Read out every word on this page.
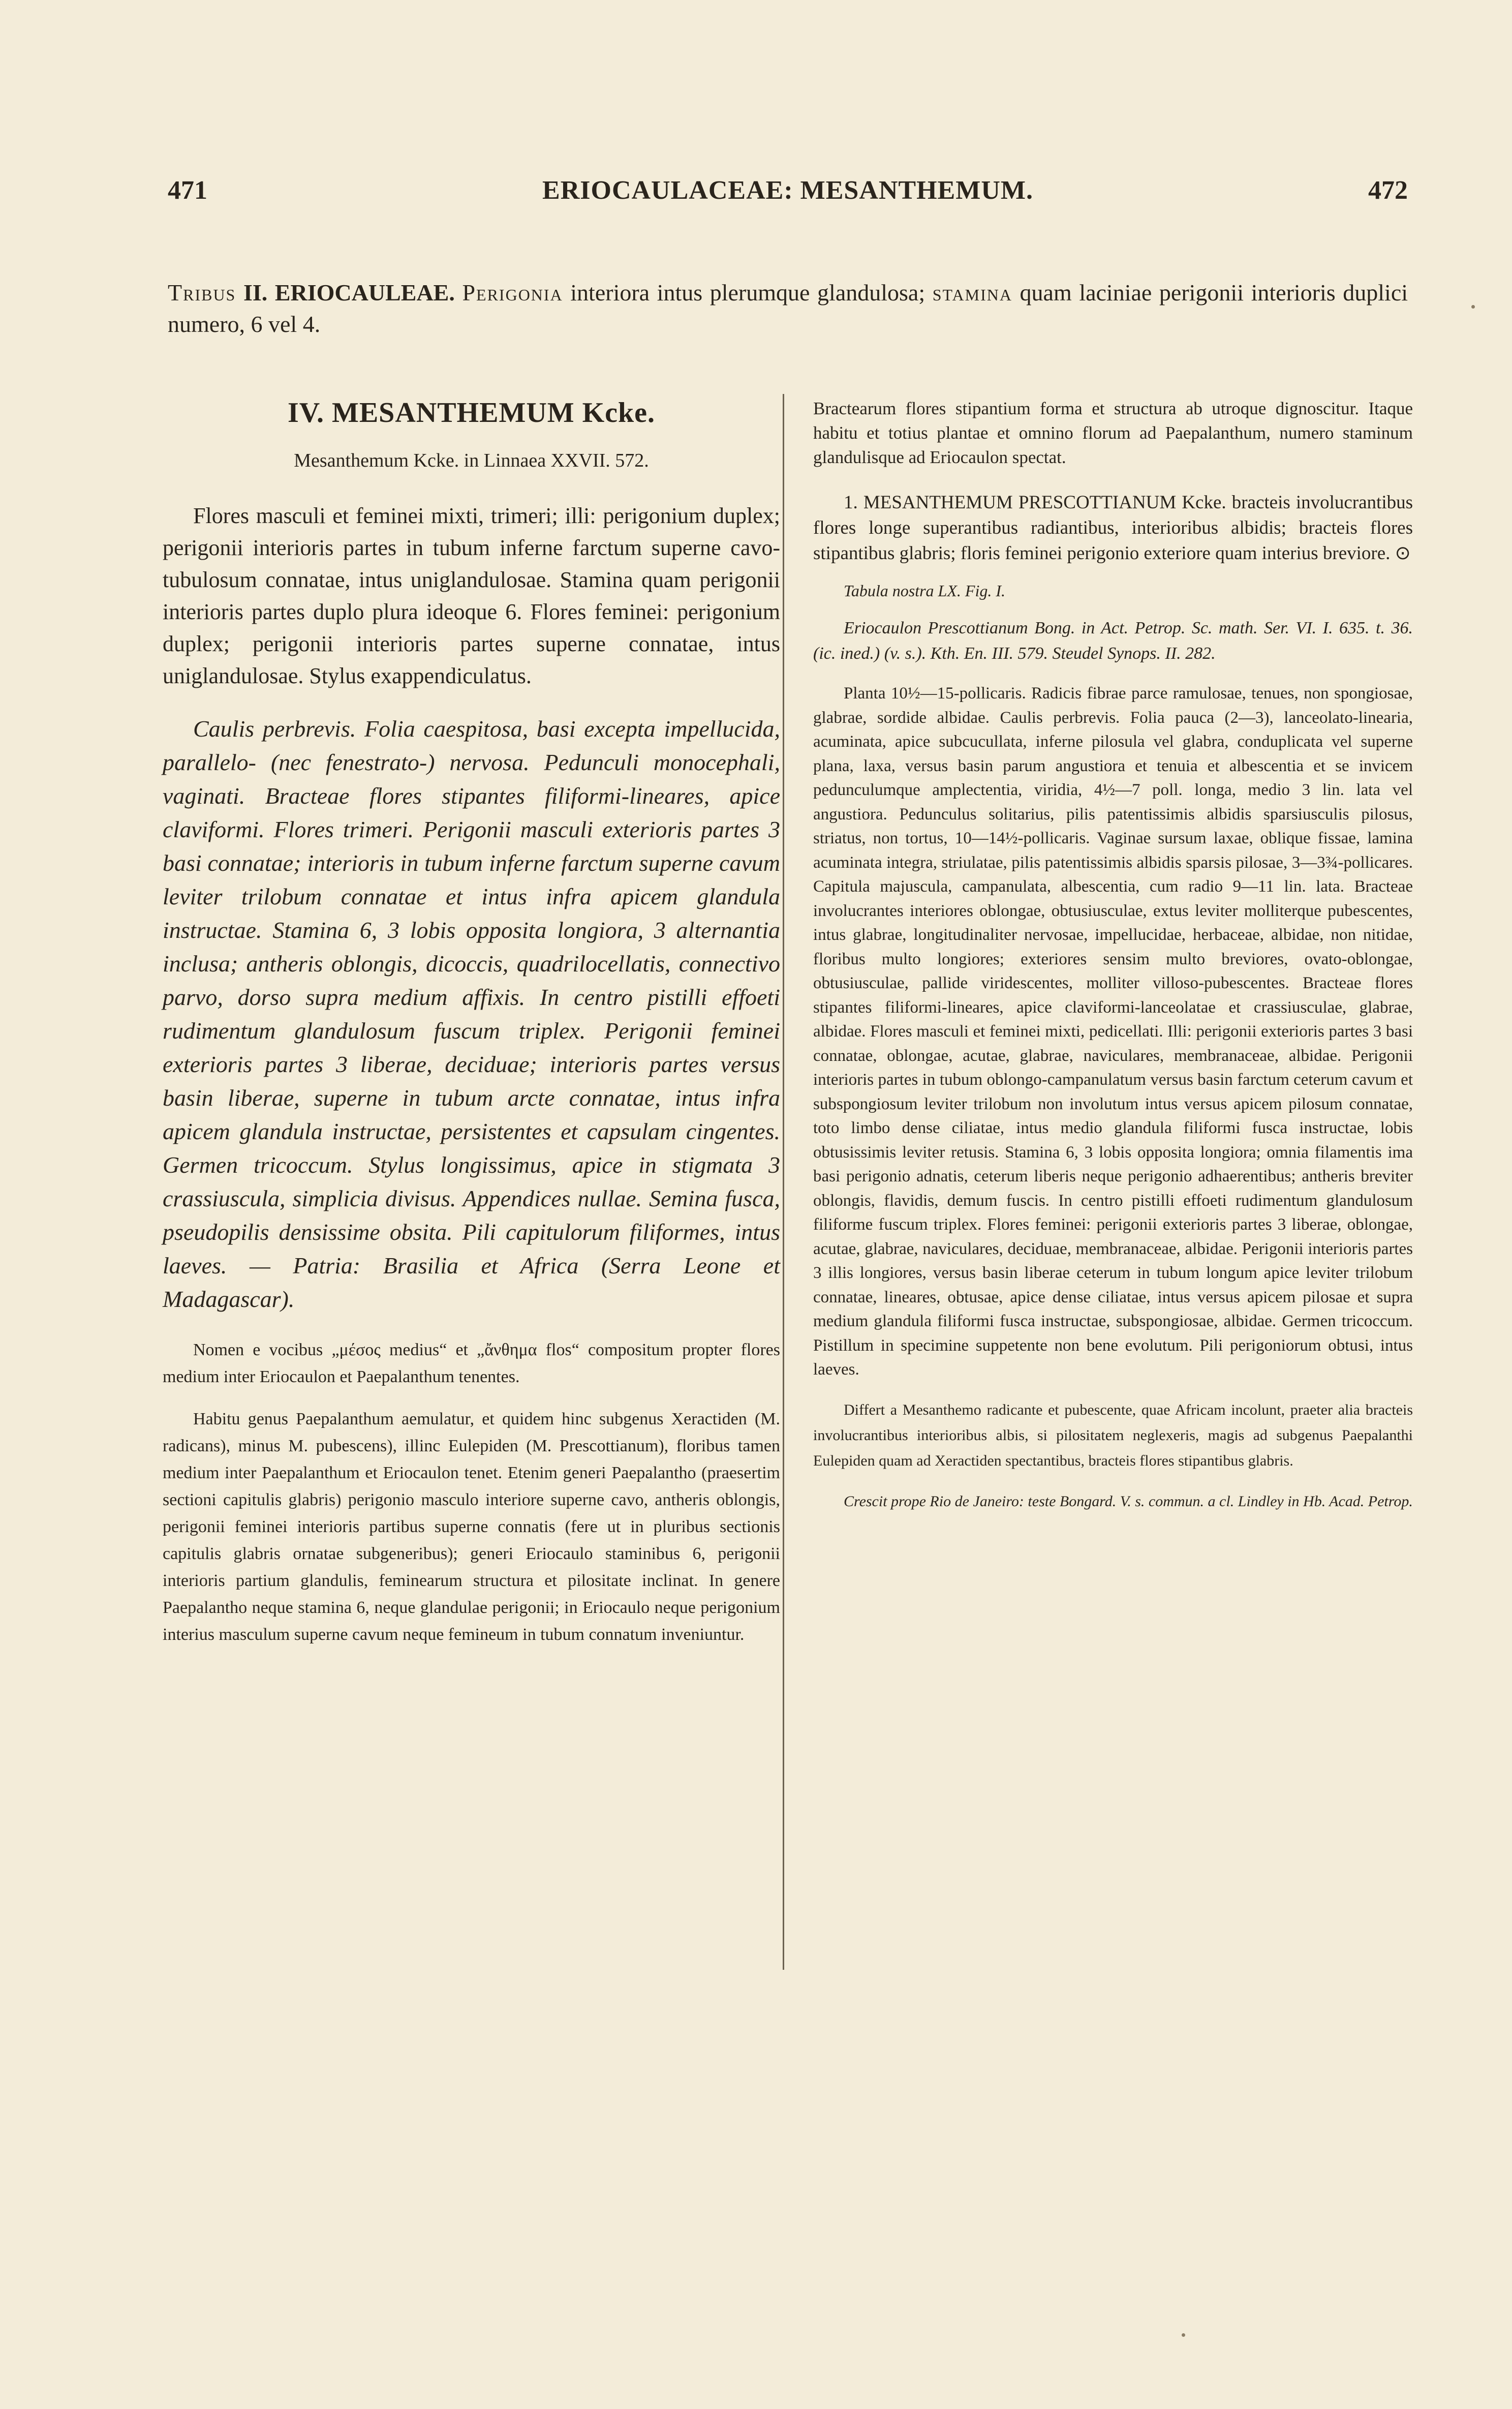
471	ERIOCAULACEAE: MESANTHEMUM.	472
Tribus II. ERIOCAULEAE. Perigonia interiora intus plerumque glandulosa; stamina quam laciniae perigonii interioris duplici numero, 6 vel 4.
IV. MESANTHEMUM Kcke.
Mesanthemum Kcke. in Linnaea XXVII. 572.

Flores masculi et feminei mixti, trimeri; illi: perigonium duplex; perigonii interioris partes in tubum inferne farctum superne cavo-tubulosum connatae, intus uniglandulosae. Stamina quam perigonii interioris partes duplo plura ideoque 6. Flores feminei: perigonium duplex; perigonii interioris partes superne connatae, intus uniglandulosae. Stylus exappendiculatus.

Caulis perbrevis. Folia caespitosa, basi excepta impellucida, parallelo- (nec fenestrato-) nervosa. Pedunculi monocephali, vaginati. Bracteae flores stipantes filiformi-lineares, apice claviformi. Flores trimeri. Perigonii masculi exterioris partes 3 basi connatae; interioris in tubum inferne farctum superne cavum leviter trilobum connatae et intus infra apicem glandula instructae. Stamina 6, 3 lobis opposita longiora, 3 alternantia inclusa; antheris oblongis, dicoccis, quadrilocellatis, connectivo parvo, dorso supra medium affixis. In centro pistilli effoeti rudimentum glandulosum fuscum triplex. Perigonii feminei exterioris partes 3 liberae, deciduae; interioris partes versus basin liberae, superne in tubum arcte connatae, intus infra apicem glandula instructae, persistentes et capsulam cingentes. Germen tricoccum. Stylus longissimus, apice in stigmata 3 crassiuscula, simplicia divisus. Appendices nullae. Semina fusca, pseudopilis densissime obsita. Pili capitulorum filiformes, intus laeves. — Patria: Brasilia et Africa (Serra Leone et Madagascar).

Nomen e vocibus „μέσος medius“ et „ἄνθημα flos“ compositum propter flores medium inter Eriocaulon et Paepalanthum tenentes.

Habitu genus Paepalanthum aemulatur, et quidem hinc subgenus Xeractiden (M. radicans), minus M. pubescens), illinc Eulepiden (M. Prescottianum), floribus tamen medium inter Paepalanthum et Eriocaulon tenet. Etenim generi Paepalantho (praesertim sectioni capitulis glabris) perigonio masculo interiore superne cavo, antheris oblongis, perigonii feminei interioris partibus superne connatis (fere ut in pluribus sectionis capitulis glabris ornatae subgeneribus); generi Eriocaulo staminibus 6, perigonii interioris partium glandulis, feminearum structura et pilositate inclinat. In genere Paepalantho neque stamina 6, neque glandulae perigonii; in Eriocaulo neque perigonium interius masculum superne cavum neque femineum in tubum connatum inveniuntur.

Bractearum flores stipantium forma et structura ab utroque dignoscitur. Itaque habitu et totius plantae et omnino florum ad Paepalanthum, numero staminum glandulisque ad Eriocaulon spectat.

1. MESANTHEMUM PRESCOTTIANUM Kcke. bracteis involucrantibus flores longe superantibus radiantibus, interioribus albidis; bracteis flores stipantibus glabris; floris feminei perigonio exteriore quam interius breviore. ⊙

Tabula nostra LX. Fig. I.

Eriocaulon Prescottianum Bong. in Act. Petrop. Sc. math. Ser. VI. I. 635. t. 36. (ic. ined.) (v. s.). Kth. En. III. 579. Steudel Synops. II. 282.

Planta 10½—15-pollicaris. Radicis fibrae parce ramulosae, tenues, non spongiosae, glabrae, sordide albidae. Caulis perbrevis. Folia pauca (2—3), lanceolato-linearia, acuminata, apice subcucullata, inferne pilosula vel glabra, conduplicata vel superne plana, laxa, versus basin parum angustiora et tenuia et albescentia et se invicem pedunculumque amplectentia, viridia, 4½—7 poll. longa, medio 3 lin. lata vel angustiora. Pedunculus solitarius, pilis patentissimis albidis sparsiusculis pilosus, striatus, non tortus, 10—14½-pollicaris. Vaginae sursum laxae, oblique fissae, lamina acuminata integra, striulatae, pilis patentissimis albidis sparsis pilosae, 3—3¾-pollicares. Capitula majuscula, campanulata, albescentia, cum radio 9—11 lin. lata. Bracteae involucrantes interiores oblongae, obtusiusculae, extus leviter molliterque pubescentes, intus glabrae, longitudinaliter nervosae, impellucidae, herbaceae, albidae, non nitidae, floribus multo longiores; exteriores sensim multo breviores, ovato-oblongae, obtusiusculae, pallide viridescentes, molliter villoso-pubescentes. Bracteae flores stipantes filiformi-lineares, apice claviformi-lanceolatae et crassiusculae, glabrae, albidae. Flores masculi et feminei mixti, pedicellati. Illi: perigonii exterioris partes 3 basi connatae, oblongae, acutae, glabrae, naviculares, membranaceae, albidae. Perigonii interioris partes in tubum oblongo-campanulatum versus basin farctum ceterum cavum et subspongiosum leviter trilobum non involutum intus versus apicem pilosum connatae, toto limbo dense ciliatae, intus medio glandula filiformi fusca instructae, lobis obtusissimis leviter retusis. Stamina 6, 3 lobis opposita longiora; omnia filamentis ima basi perigonio adnatis, ceterum liberis neque perigonio adhaerentibus; antheris breviter oblongis, flavidis, demum fuscis. In centro pistilli effoeti rudimentum glandulosum filiforme fuscum triplex. Flores feminei: perigonii exterioris partes 3 liberae, oblongae, acutae, glabrae, naviculares, deciduae, membranaceae, albidae. Perigonii interioris partes 3 illis longiores, versus basin liberae ceterum in tubum longum apice leviter trilobum connatae, lineares, obtusae, apice dense ciliatae, intus versus apicem pilosae et supra medium glandula filiformi fusca instructae, subspongiosae, albidae. Germen tricoccum. Pistillum in specimine suppetente non bene evolutum. Pili perigoniorum obtusi, intus laeves.

Differt a Mesanthemo radicante et pubescente, quae Africam incolunt, praeter alia bracteis involucrantibus interioribus albis, si pilositatem neglexeris, magis ad subgenus Paepalanthi Eulepiden quam ad Xeractiden spectantibus, bracteis flores stipantibus glabris.

Crescit prope Rio de Janeiro: teste Bongard. V. s. commun. a cl. Lindley in Hb. Acad. Petrop.
